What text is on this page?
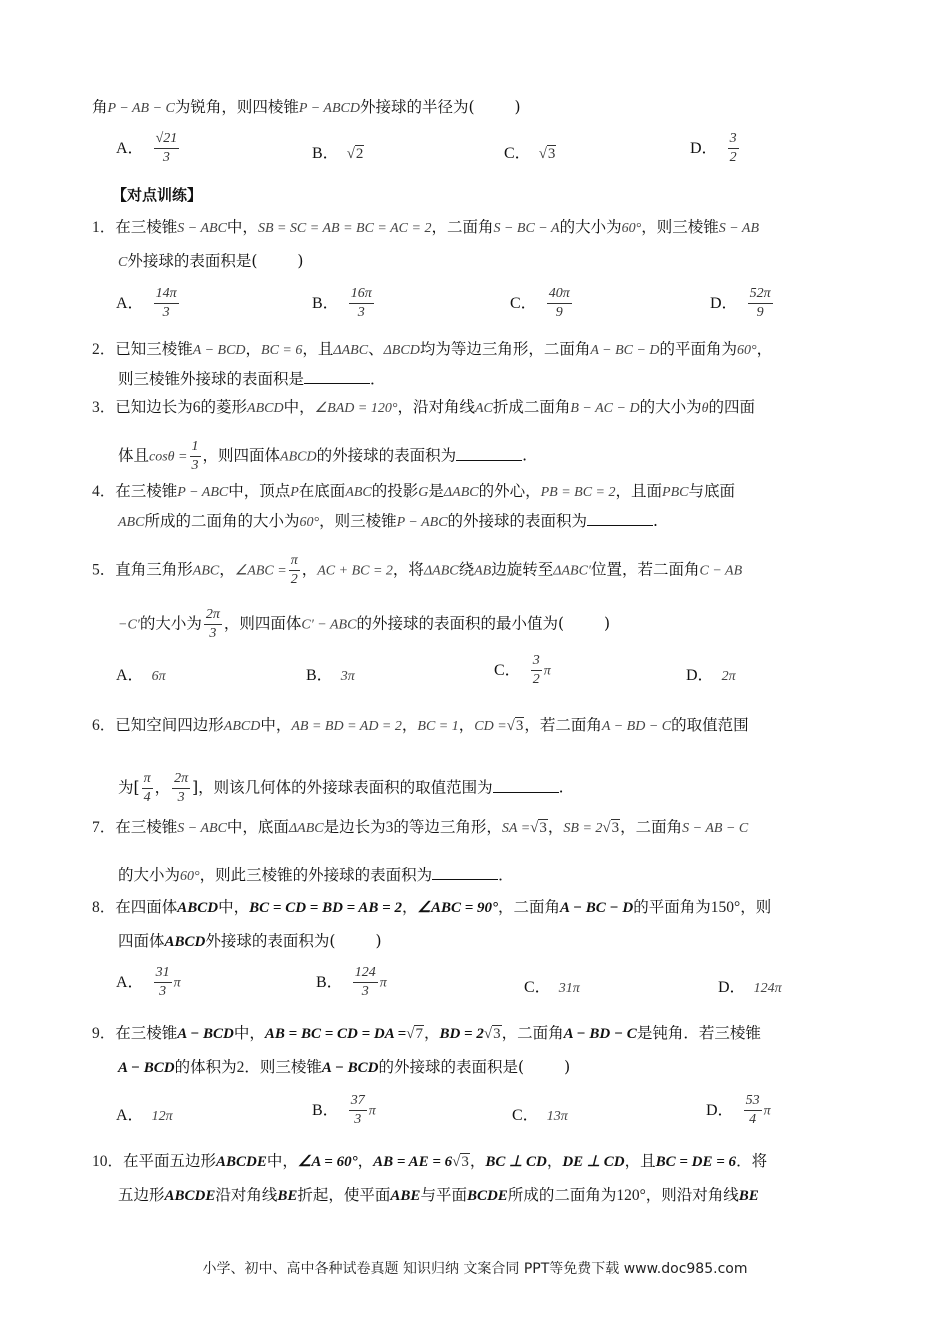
角P − AB − C为锐角，则四棱锥P − ABCD外接球的半径为(	)
A． $\frac{√21}{3}$	B． √2	C． √3	D． $\frac{3}{2}$
【对点训练】
1．在三棱锥S − ABC中，SB = SC = AB = BC = AC = 2，二面角S − BC − A的大小为60°，则三棱锥S − AB
C外接球的表面积是(	)
A． $\frac{14\pi}{3}$	B． $\frac{16\pi}{3}$	C． $\frac{40\pi}{9}$	D． $\frac{52\pi}{9}$
2．已知三棱锥A − BCD，BC = 6，且ΔABC、ΔBCD均为等边三角形，二面角A − BC − D的平面角为60°，
则三棱锥外接球的表面积是	．
3．已知边长为6的菱形ABCD中，∠BAD = 120°，沿对角线AC折成二面角B − AC − D的大小为θ的四面
体且$\cos\theta = \frac{1}{3}$ ，则四面体ABCD的外接球的表面积为	.
4．在三棱锥P − ABC中，顶点P在底面ABC的投影G是ΔABC的外心，PB = BC = 2，且面PBC与底面
ABC所成的二面角的大小为60°，则三棱锥P − ABC的外接球的表面积为	.
5．直角三角形ABC，∠ABC = $\frac{\pi}{2}$ ，AC + BC = 2，将ΔABC绕AB边旋转至ΔABC′位置，若二面角C − AB
−C′的大小为 $\frac{2\pi}{3}$ ，则四面体C′ − ABC的外接球的表面积的最小值为(	)
A． 6π	B． 3π	C． $\frac{3}{2}$ π	D． 2π
6．已知空间四边形ABCD中，AB = BD = AD = 2，BC = 1，CD =√3，若二面角A − BD − C的取值范围
为[ $\frac{\pi}{4}$ ， $\frac{2\pi}{3}$ ]，则该几何体的外接球表面积的取值范围为	.
7．在三棱锥S − ABC中，底面ΔABC是边长为3的等边三角形，SA =√3，SB = 2√3，二面角S − AB − C
的大小为60°，则此三棱锥的外接球的表面积为	．
8．在四面体ABCD中，BC = CD = BD = AB = 2，∠ABC = 90°，二面角A − BC − D的平面角为150°，则
四面体ABCD外接球的表面积为(	)
A． $\frac{31}{3}$ π	B． $\frac{124}{3}$ π	C． 31π	D． 124π
9．在三棱锥A − BCD中，AB = BC = CD = DA =√7，BD = 2√3，二面角A − BD − C是钝角．若三棱锥
A − BCD的体积为2．则三棱锥A − BCD的外接球的表面积是(	)
A． 12π	B． $\frac{37}{3}$ π	C． 13π	D． $\frac{53}{4}$ π
10．在平面五边形ABCDE中，∠A = 60°，AB = AE = 6√3，BC ⊥ CD，DE ⊥ CD，且BC = DE = 6．将
五边形ABCDE沿对角线BE折起，使平面ABE与平面BCDE所成的二面角为120°，则沿对角线BE
小学、初中、高中各种试卷真题 知识归纳 文案合同 PPT等免费下载 www.doc985.com
